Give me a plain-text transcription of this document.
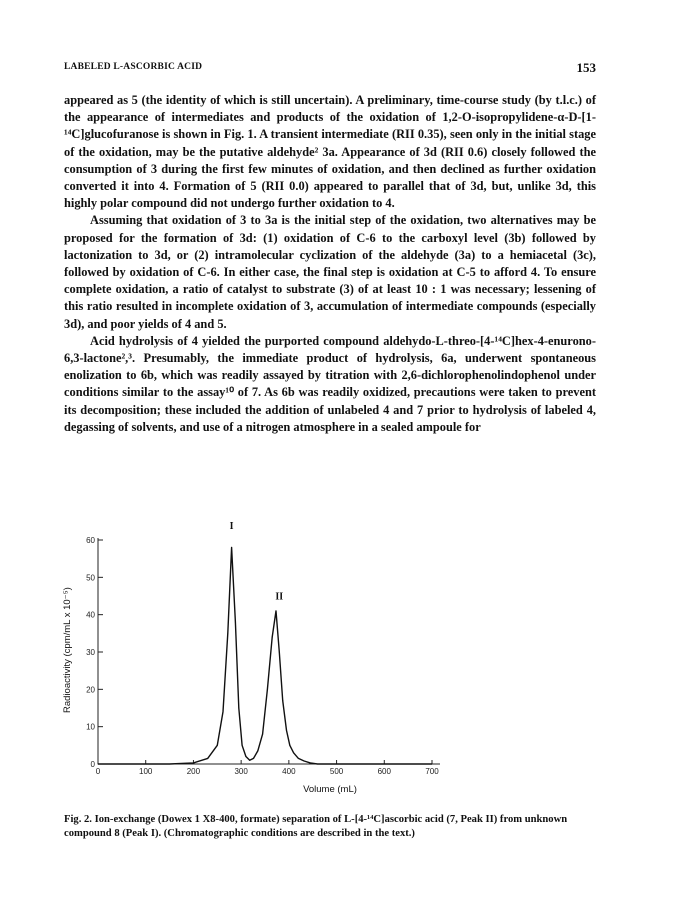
LABELED L-ASCORBIC ACID	153

appeared as 5 (the identity of which is still uncertain). A preliminary, time-course study (by t.l.c.) of the appearance of intermediates and products of the oxidation of 1,2-O-isopropylidene-α-D-[1-¹⁴C]glucofuranose is shown in Fig. 1. A transient intermediate (RII 0.35), seen only in the initial stage of the oxidation, may be the putative aldehyde² 3a. Appearance of 3d (RII 0.6) closely followed the consumption of 3 during the first few minutes of oxidation, and then declined as further oxidation converted it into 4. Formation of 5 (RII 0.0) appeared to parallel that of 3d, but, unlike 3d, this highly polar compound did not undergo further oxidation to 4.

Assuming that oxidation of 3 to 3a is the initial step of the oxidation, two alternatives may be proposed for the formation of 3d: (1) oxidation of C-6 to the carboxyl level (3b) followed by lactonization to 3d, or (2) intramolecular cyclization of the aldehyde (3a) to a hemiacetal (3c), followed by oxidation of C-6. In either case, the final step is oxidation at C-5 to afford 4. To ensure complete oxidation, a ratio of catalyst to substrate (3) of at least 10 : 1 was necessary; lessening of this ratio resulted in incomplete oxidation of 3, accumulation of intermediate compounds (especially 3d), and poor yields of 4 and 5.

Acid hydrolysis of 4 yielded the purported compound aldehydo-L-threo-[4-¹⁴C]hex-4-enurono-6,3-lactone²,³. Presumably, the immediate product of hydrolysis, 6a, underwent spontaneous enolization to 6b, which was readily assayed by titration with 2,6-dichlorophenolindophenol under conditions similar to the assay¹⁰ of 7. As 6b was readily oxidized, precautions were taken to prevent its decomposition; these included the addition of unlabeled 4 and 7 prior to hydrolysis of labeled 4, degassing of solvents, and use of a nitrogen atmosphere in a sealed ampoule for

0
10
20
30
40
50
60
0	100	200	300	400	500	600	700
I
II
Radioactivity (cpm/mL x 10⁻⁵)
Volume (mL)

Fig. 2. Ion-exchange (Dowex 1 X8-400, formate) separation of L-[4-¹⁴C]ascorbic acid (7, Peak II) from unknown compound 8 (Peak I). (Chromatographic conditions are described in the text.)
